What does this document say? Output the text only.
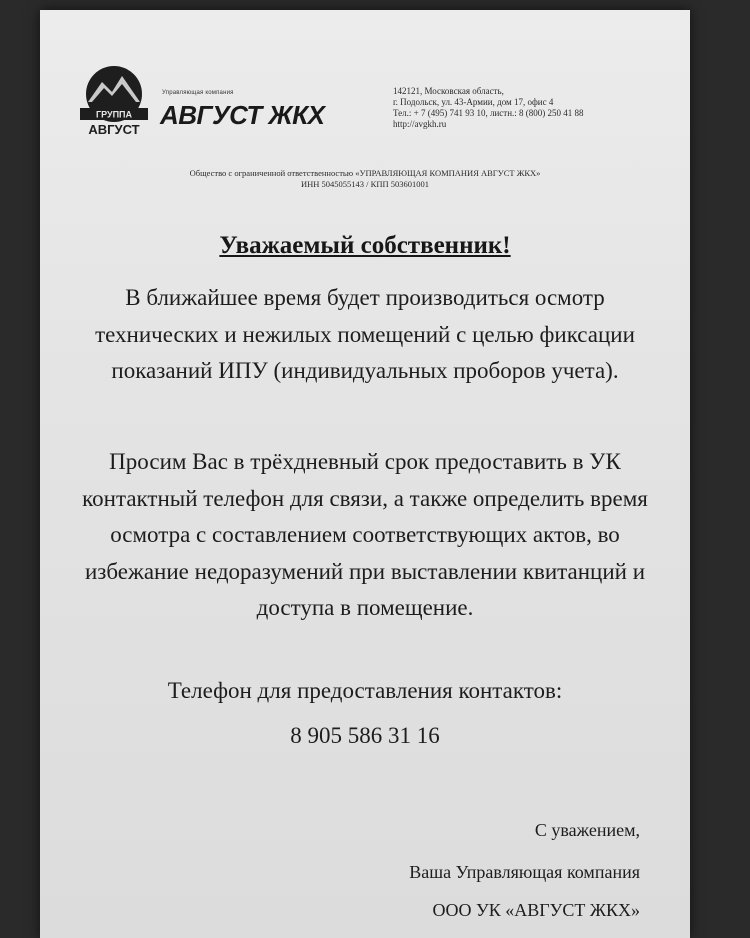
ГРУППА
АВГУСТ
Управляющая компания
АВГУСТ ЖКХ
142121, Московская область,
г. Подольск, ул. 43-Армии, дом 17, офис 4
Тел.: + 7 (495) 741 93 10, листн.: 8 (800) 250 41 88
http://avgkh.ru
Общество с ограниченной ответственностью «УПРАВЛЯЮЩАЯ КОМПАНИЯ АВГУСТ ЖКХ»
ИНН 5045055143 / КПП 503601001
Уважаемый собственник!
В ближайшее время будет производиться осмотр технических и нежилых помещений с целью фиксации показаний ИПУ (индивидуальных проборов учета).
Просим Вас в трёхдневный срок предоставить в УК контактный телефон для связи, а также определить время осмотра с составлением соответствующих актов, во избежание недоразумений при выставлении квитанций и доступа в помещение.
Телефон для предоставления контактов:
8 905 586 31 16
С уважением,
Ваша Управляющая компания
ООО УК «АВГУСТ ЖКХ»
